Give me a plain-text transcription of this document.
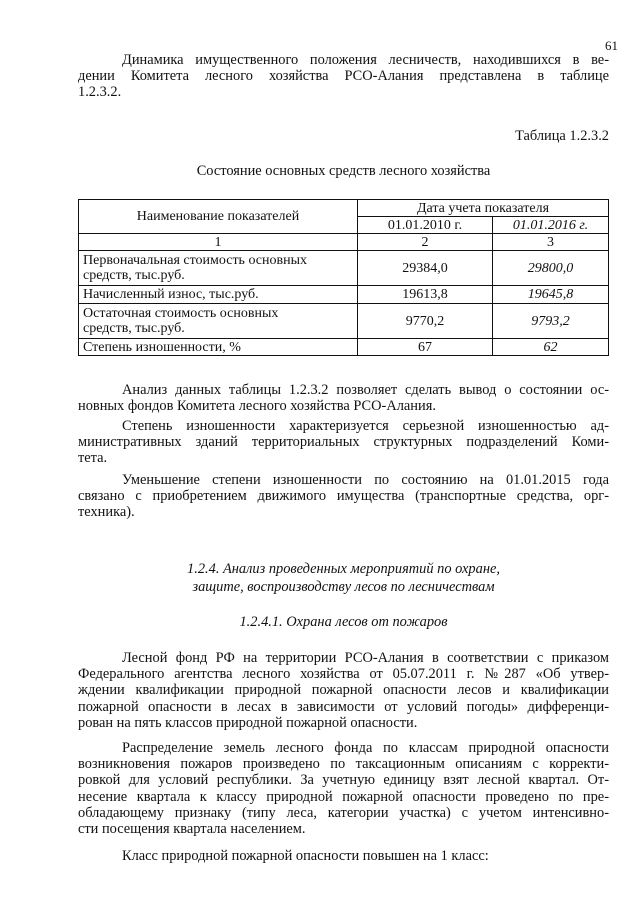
61
Динамика имущественного положения лесничеств, находившихся в ве-
дении Комитета лесного хозяйства РСО-Алания представлена в таблице
1.2.3.2.
Таблица 1.2.3.2
Состояние основных средств лесного хозяйства
Наименование показателей	Дата учета показателя	
	01.01.2010 г.	01.01.2016 г.
1	2	3
Первоначальная стоимость основных
средств, тыс.руб.	29384,0	29800,0
Начисленный износ, тыс.руб.	19613,8	19645,8
Остаточная стоимость основных
средств, тыс.руб.	9770,2	9793,2
Степень изношенности, %	67	62
Анализ данных таблицы 1.2.3.2 позволяет сделать вывод о состоянии ос-
новных фондов Комитета лесного хозяйства РСО-Алания.
Степень изношенности характеризуется серьезной изношенностью ад-
министративных зданий территориальных структурных подразделений Коми-
тета.
Уменьшение степени изношенности по состоянию на 01.01.2015 года
связано с приобретением движимого имущества (транспортные средства, орг-
техника).
1.2.4. Анализ проведенных мероприятий по охране,
защите, воспроизводству лесов по лесничествам
1.2.4.1. Охрана лесов от пожаров
Лесной фонд РФ на территории РСО-Алания в соответствии с приказом
Федерального агентства лесного хозяйства от 05.07.2011 г. №287 «Об утвер-
ждении квалификации природной пожарной опасности лесов и квалификации
пожарной опасности в лесах в зависимости от условий погоды» дифференци-
рован на пять классов природной пожарной опасности.
Распределение земель лесного фонда по классам природной опасности
возникновения пожаров произведено по таксационным описаниям с корректи-
ровкой для условий республики. За учетную единицу взят лесной квартал. От-
несение квартала к классу природной пожарной опасности проведено по пре-
обладающему признаку (типу леса, категории участка) с учетом интенсивно-
сти посещения квартала населением.
Класс природной пожарной опасности повышен на 1 класс:
